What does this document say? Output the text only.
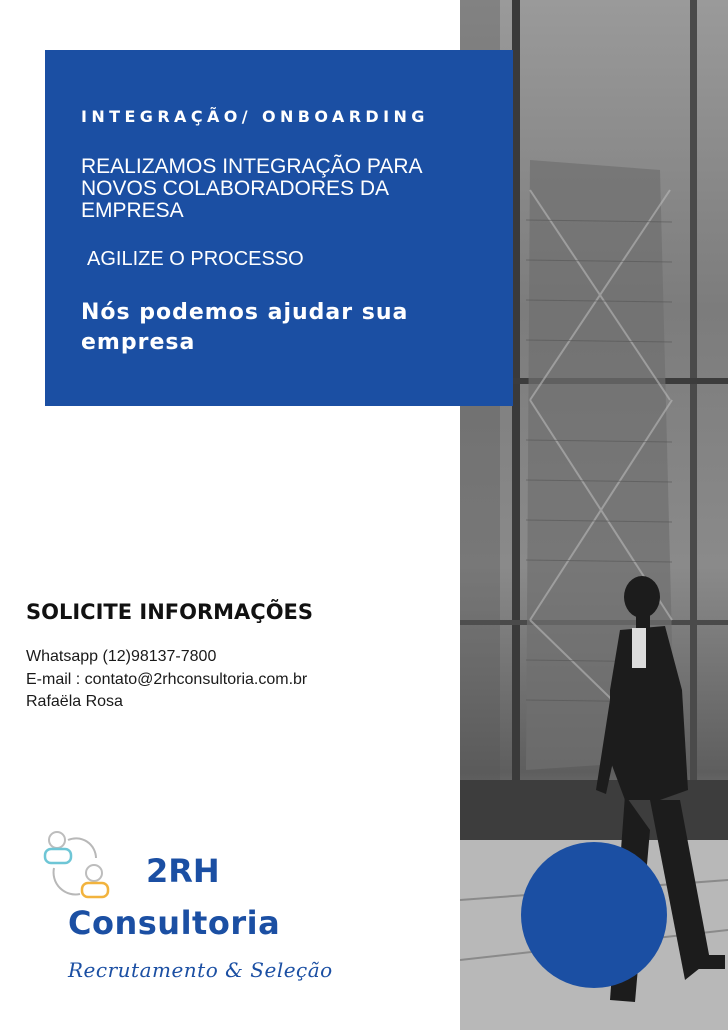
INTEGRAÇÃO/ ONBOARDING
REALIZAMOS INTEGRAÇÃO PARA NOVOS COLABORADORES DA EMPRESA
AGILIZE O PROCESSO
Nós podemos ajudar sua empresa
SOLICITE INFORMAÇÕES
Whatsapp (12)98137-7800
E-mail : contato@2rhconsultoria.com.br
Rafaëla Rosa
2RH
Consultoria
Recrutamento & Seleção
